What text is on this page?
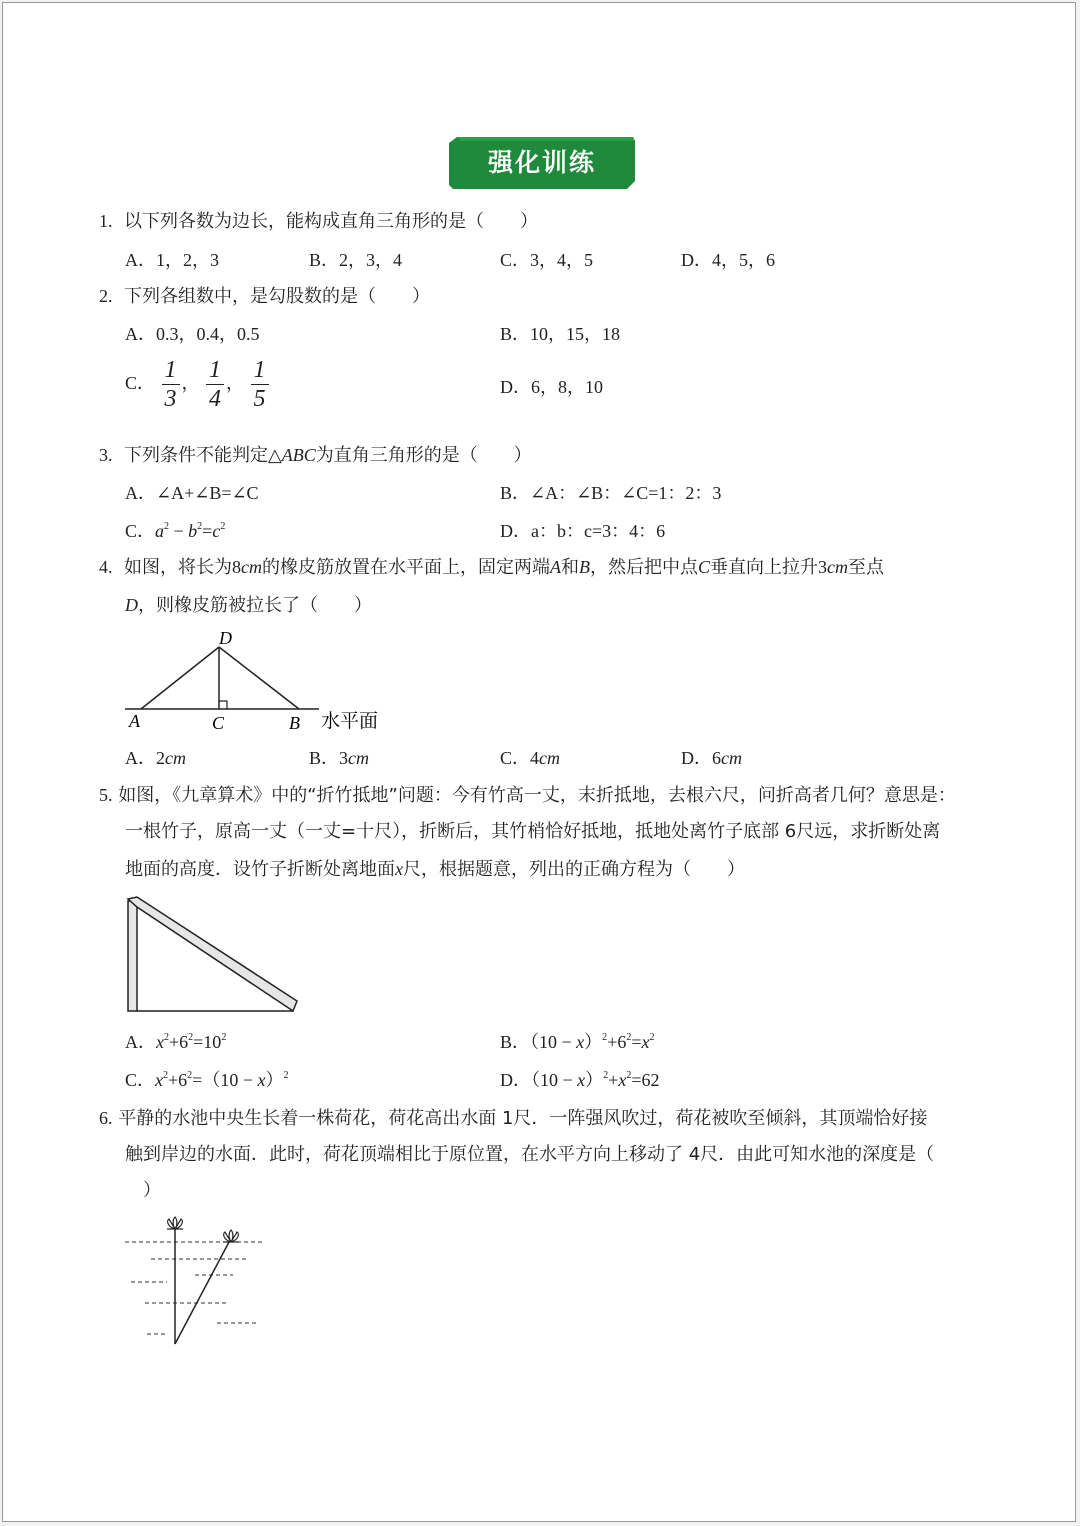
强化训练
1. 以下列各数为边长，能构成直角三角形的是（　　）
A．1，2，3	B．2，3，4	C．3，4，5	D．4，5，6
2. 下列各组数中，是勾股数的是（　　）
A．0.3，0.4，0.5	B．10，15，18
C． $\frac{1}{3}$ ， $\frac{1}{4}$ ， $\frac{1}{5}$	D．6，8，10
3. 下列条件不能判定△ABC为直角三角形的是（　　）
A．∠A+∠B=∠C	B．∠A：∠B：∠C=1：2：3
C．$a^2 - b^2=c^2$	D．a：b：c=3：4：6
4. 如图，将长为8cm的橡皮筋放置在水平面上，固定两端A和B，然后把中点C垂直向上拉升3cm至点
D，则橡皮筋被拉长了（　　）
D
A	C	B 水平面
A．2cm	B．3cm	C．4cm	D．6cm
5. 如图，《九章算术》中的“折竹抵地”问题：今有竹高一丈，末折抵地，去根六尺，问折高者几何？意思是：
一根竹子，原高一丈（一丈=十尺），折断后，其竹梢恰好抵地，抵地处离竹子底部 6尺远，求折断处离
地面的高度．设竹子折断处离地面x尺，根据题意，列出的正确方程为（　　）
A．$x^2+6^2=10^2$	B．$(10 - x)^2+6^2=x^2$
C．$x^2+6^2=(10 - x)^2$	D．$(10 - x)^2+x^2=62$
6. 平静的水池中央生长着一株荷花，荷花高出水面 1尺．一阵强风吹过，荷花被吹至倾斜，其顶端恰好接
触到岸边的水面．此时，荷花顶端相比于原位置，在水平方向上移动了 4尺．由此可知水池的深度是（
）
